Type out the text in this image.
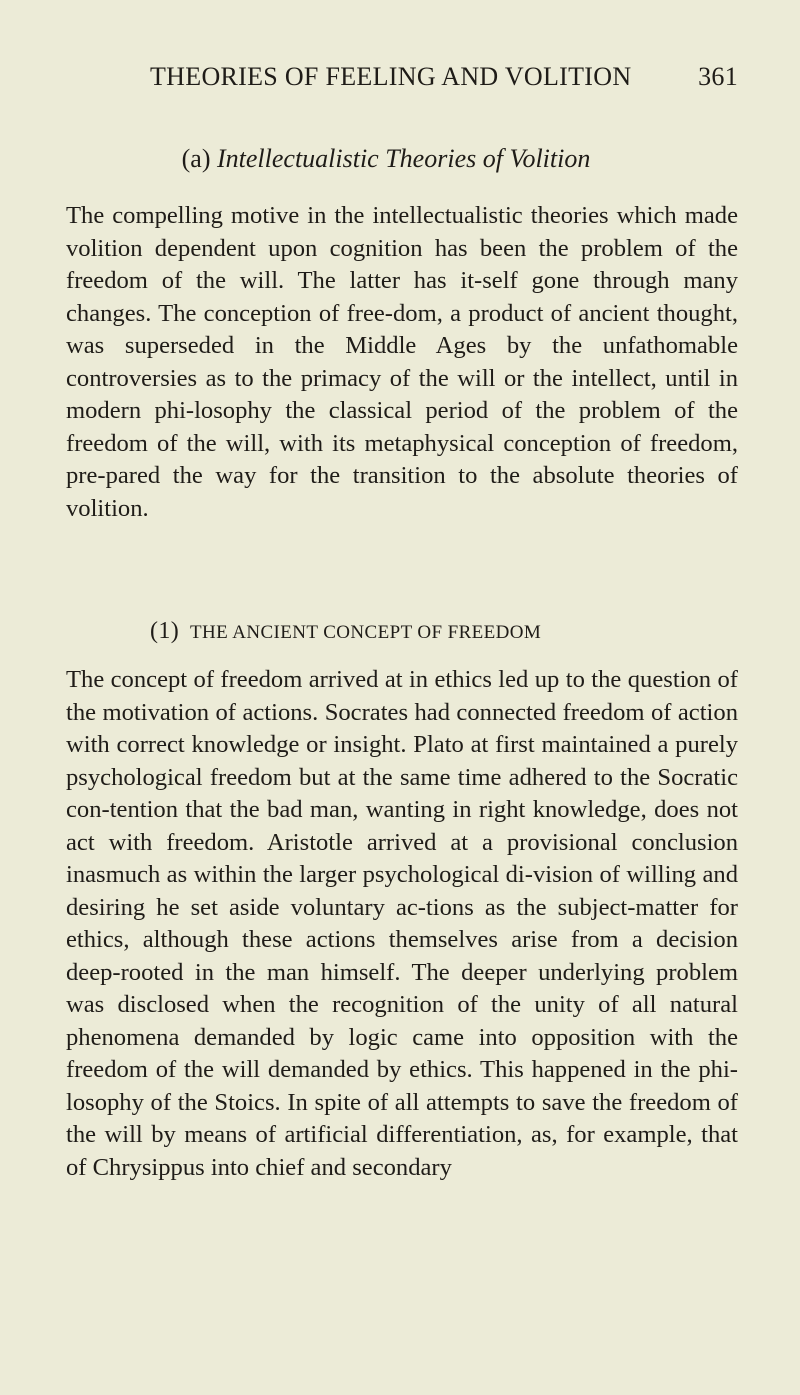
THEORIES OF FEELING AND VOLITION	361
(a) Intellectualistic Theories of Volition

The compelling motive in the intellectualistic theories which made volition dependent upon cognition has been the problem of the freedom of the will. The latter has it-self gone through many changes. The conception of free-dom, a product of ancient thought, was superseded in the Middle Ages by the unfathomable controversies as to the primacy of the will or the intellect, until in modern phi-losophy the classical period of the problem of the freedom of the will, with its metaphysical conception of freedom, pre-pared the way for the transition to the absolute theories of volition.

(1) THE ANCIENT CONCEPT OF FREEDOM

The concept of freedom arrived at in ethics led up to the question of the motivation of actions. Socrates had connected freedom of action with correct knowledge or insight. Plato at first maintained a purely psychological freedom but at the same time adhered to the Socratic con-tention that the bad man, wanting in right knowledge, does not act with freedom. Aristotle arrived at a provisional conclusion inasmuch as within the larger psychological di-vision of willing and desiring he set aside voluntary ac-tions as the subject-matter for ethics, although these actions themselves arise from a decision deep-rooted in the man himself. The deeper underlying problem was disclosed when the recognition of the unity of all natural phenomena demanded by logic came into opposition with the freedom of the will demanded by ethics. This happened in the phi-losophy of the Stoics. In spite of all attempts to save the freedom of the will by means of artificial differentiation, as, for example, that of Chrysippus into chief and secondary
